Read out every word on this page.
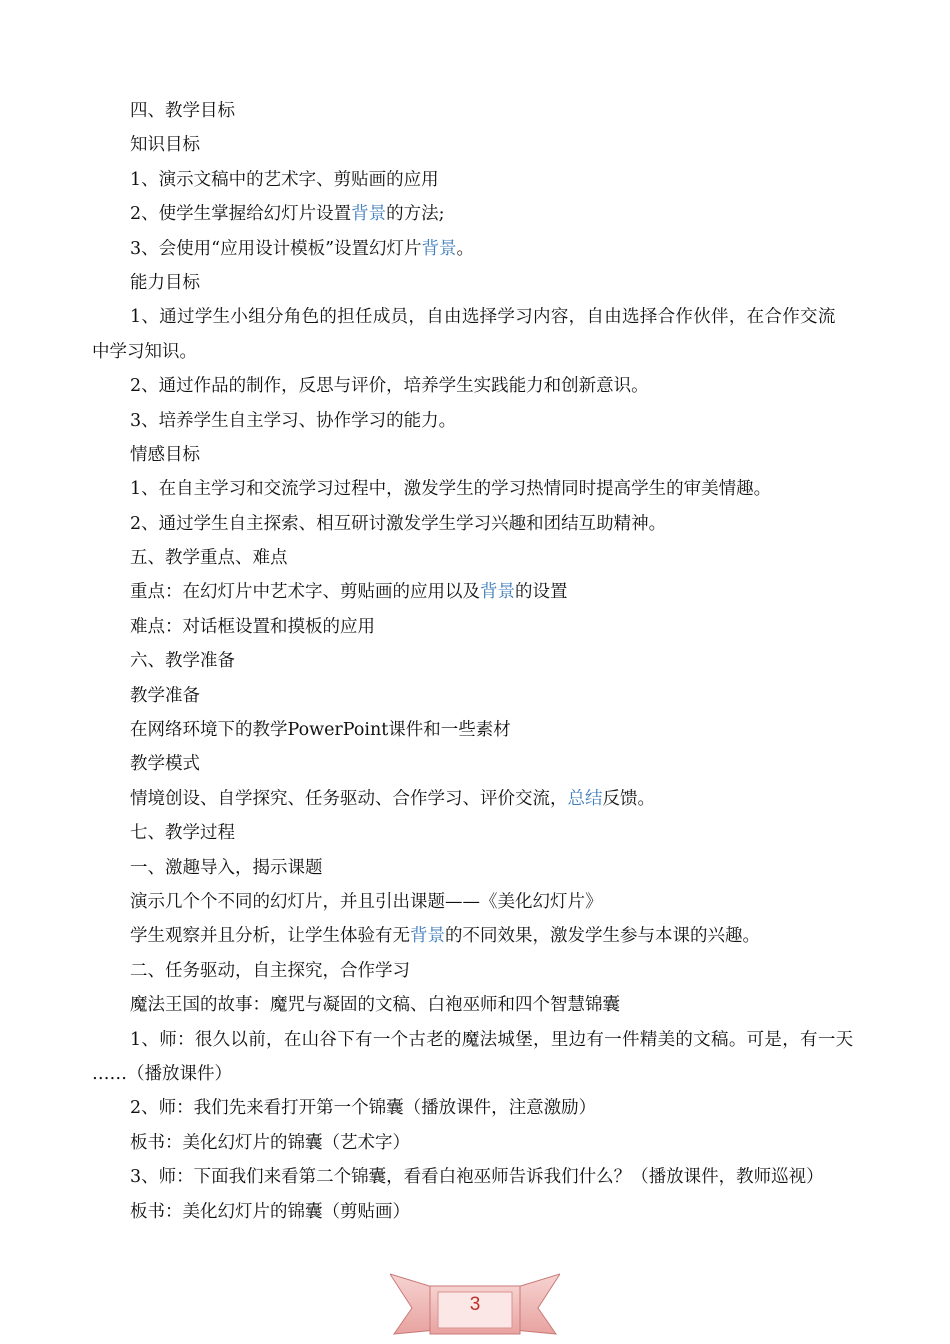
四、教学目标
知识目标
1、演示文稿中的艺术字、剪贴画的应用
2、使学生掌握给幻灯片设置背景的方法;
3、会使用“应用设计模板”设置幻灯片背景。
能力目标
1、通过学生小组分角色的担任成员，自由选择学习内容，自由选择合作伙伴，在合作交流
中学习知识。
2、通过作品的制作，反思与评价，培养学生实践能力和创新意识。
3、培养学生自主学习、协作学习的能力。
情感目标
1、在自主学习和交流学习过程中，激发学生的学习热情同时提高学生的审美情趣。
2、通过学生自主探索、相互研讨激发学生学习兴趣和团结互助精神。
五、教学重点、难点
重点：在幻灯片中艺术字、剪贴画的应用以及背景的设置
难点：对话框设置和摸板的应用
六、教学准备
教学准备
在网络环境下的教学PowerPoint课件和一些素材
教学模式
情境创设、自学探究、任务驱动、合作学习、评价交流，总结反馈。
七、教学过程
一、激趣导入，揭示课题
演示几个个不同的幻灯片，并且引出课题——《美化幻灯片》
学生观察并且分析，让学生体验有无背景的不同效果，激发学生参与本课的兴趣。
二、任务驱动，自主探究，合作学习
魔法王国的故事：魔咒与凝固的文稿、白袍巫师和四个智慧锦囊
1、师：很久以前，在山谷下有一个古老的魔法城堡，里边有一件精美的文稿。可是，有一天
……（播放课件）
2、师：我们先来看打开第一个锦囊（播放课件，注意激励）
板书：美化幻灯片的锦囊（艺术字）
3、师：下面我们来看第二个锦囊，看看白袍巫师告诉我们什么？（播放课件，教师巡视）
板书：美化幻灯片的锦囊（剪贴画）
3
